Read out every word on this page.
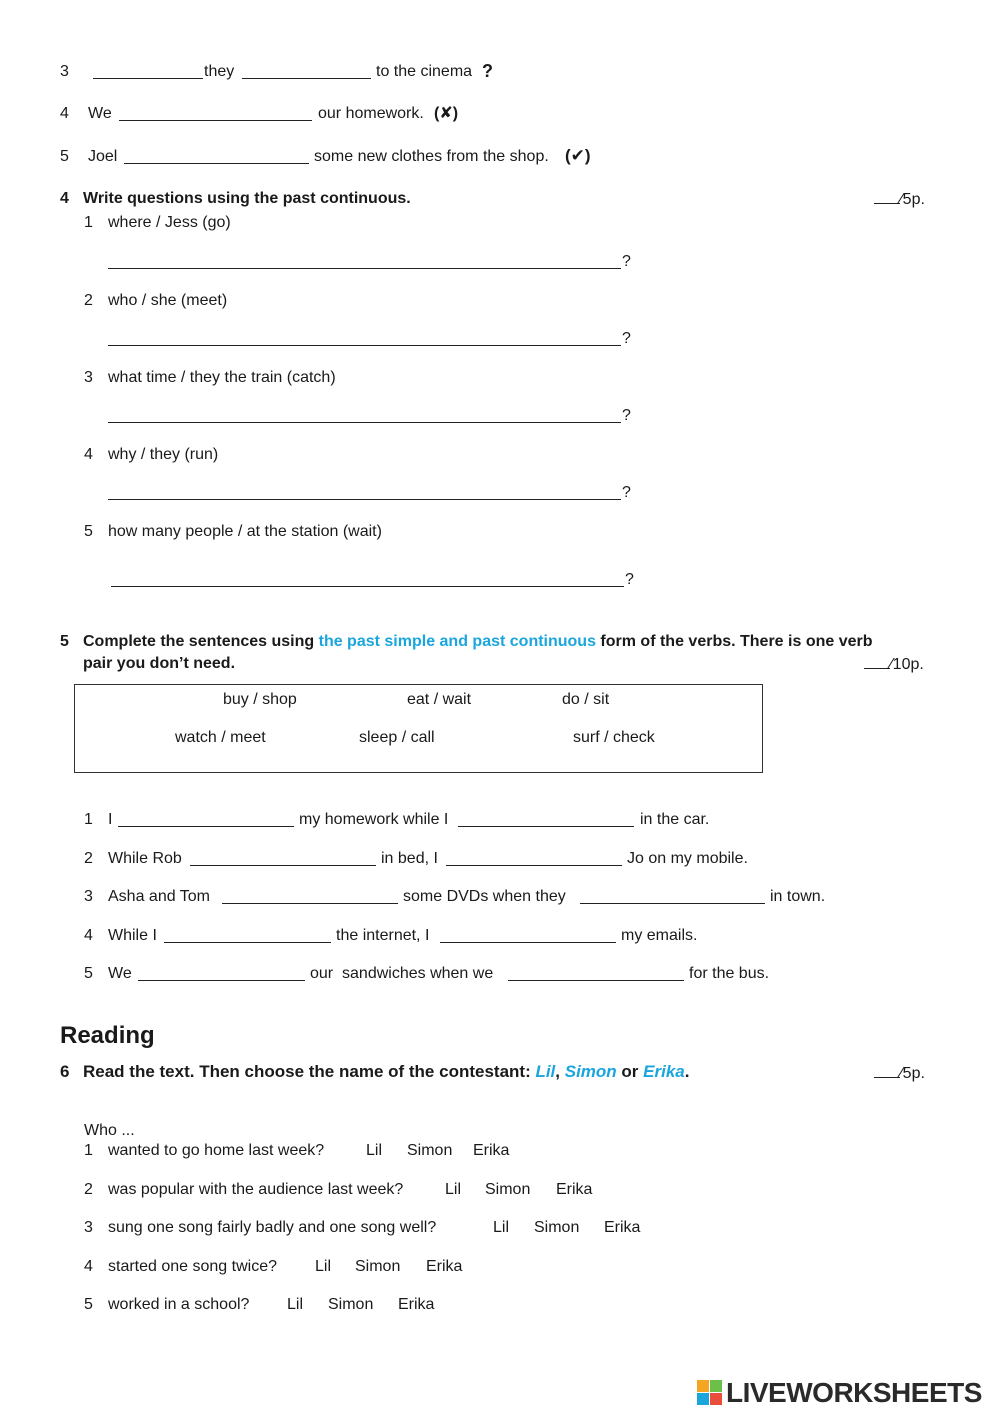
3	they	to the cinema ?
4 We	our homework. (✘)
5 Joel	some new clothes from the shop. (✔)
4 Write questions using the past continuous.	⁄5p.
1 where / Jess (go)
?
2 who / she (meet)
?
3 what time / they the train (catch)
?
4 why / they (run)
?
5 how many people / at the station (wait)
?
5 Complete the sentences using the past simple and past continuous form of the verbs. There is one verb
pair you don’t need.	⁄10p.
buy / shop	eat / wait	do / sit
watch / meet	sleep / call	surf / check
1 I	my homework while I	in the car.
2 While Rob	in bed, I	Jo on my mobile.
3 Asha and Tom	some DVDs when they	in town.
4 While I	the internet, I	my emails.
5 We	our  sandwiches when we	for the bus.
Reading
6 Read the text. Then choose the name of the contestant: Lil, Simon or Erika.	⁄5p.
Who ...
1 wanted to go home last week?	Lil Simon Erika
2 was popular with the audience last week?	Lil Simon Erika
3 sung one song fairly badly and one song well?	Lil Simon Erika
4 started one song twice? Lil Simon Erika
5 worked in a school? Lil Simon Erika
LIVEWORKSHEETS
